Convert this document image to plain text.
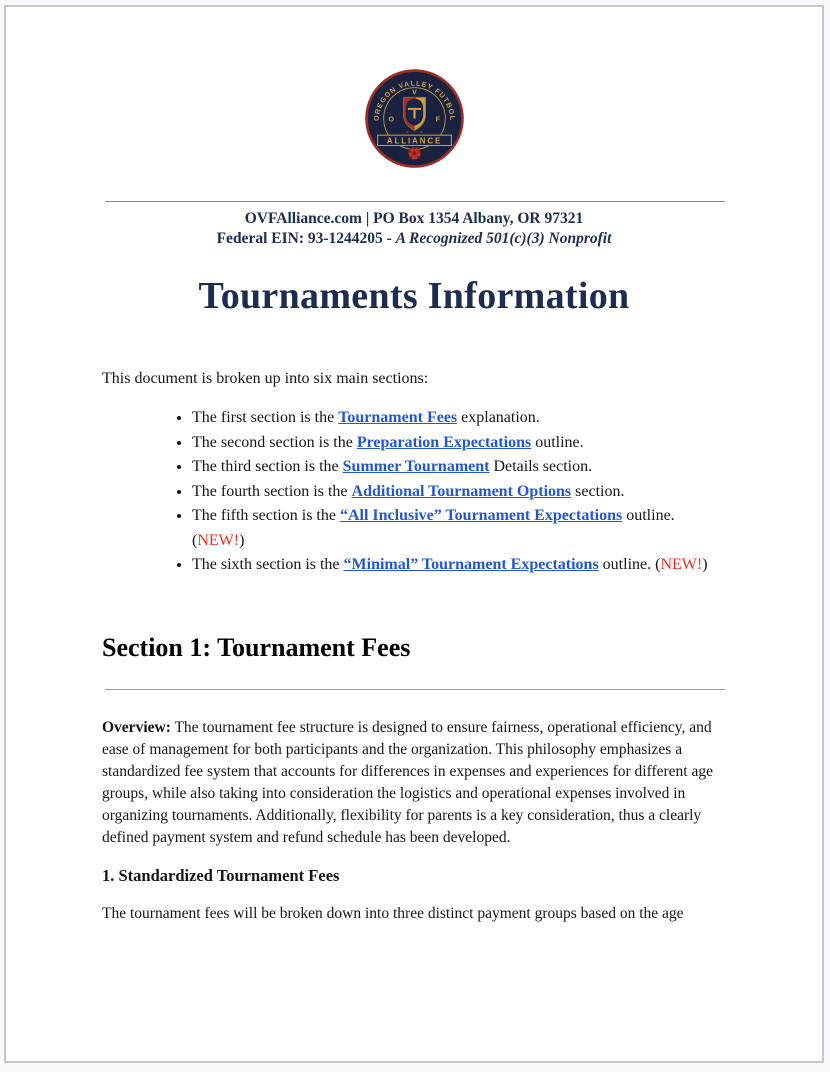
OREGON VALLEY FUTBOL
V
O	F
★ ★
ALLIANCE
OVFAlliance.com | PO Box 1354 Albany, OR 97321
Federal EIN: 93-1244205 - A Recognized 501(c)(3) Nonprofit
Tournaments Information

This document is broken up into six main sections:

• The first section is the Tournament Fees explanation.
• The second section is the Preparation Expectations outline.
• The third section is the Summer Tournament Details section.
• The fourth section is the Additional Tournament Options section.
• The fifth section is the “All Inclusive” Tournament Expectations outline. (NEW!)
• The sixth section is the “Minimal” Tournament Expectations outline. (NEW!)
Section 1: Tournament Fees

Overview: The tournament fee structure is designed to ensure fairness, operational efficiency, and ease of management for both participants and the organization. This philosophy emphasizes a standardized fee system that accounts for differences in expenses and experiences for different age groups, while also taking into consideration the logistics and operational expenses involved in organizing tournaments. Additionally, flexibility for parents is a key consideration, thus a clearly defined payment system and refund schedule has been developed.

1. Standardized Tournament Fees

The tournament fees will be broken down into three distinct payment groups based on the age
